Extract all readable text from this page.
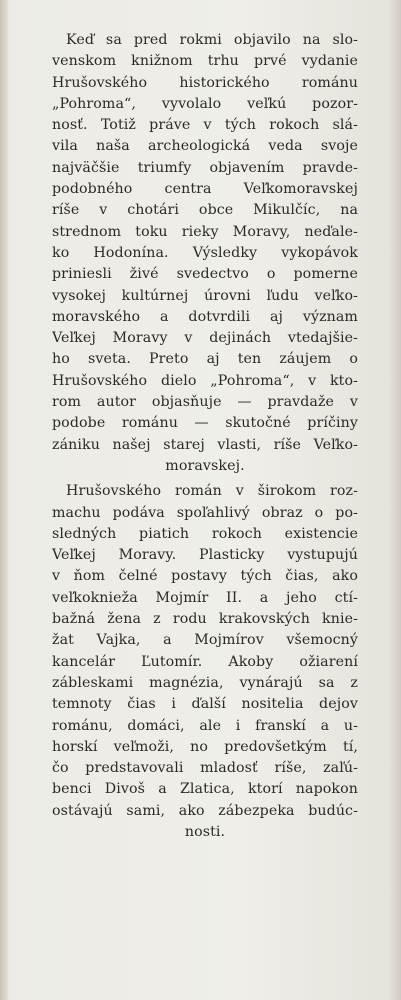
Keď sa pred rokmi objavilo na slo-
venskom knižnom trhu prvé vydanie
Hrušovského historického románu
„Pohroma“, vyvolalo veľkú pozor-
nosť. Totiž práve v tých rokoch slá-
vila naša archeologická veda svoje
najväčšie triumfy objavením pravde-
podobného centra Veľkomoravskej
ríše v chotári obce Mikulčíc, na
strednom toku rieky Moravy, neďale-
ko Hodonína. Výsledky vykopávok
priniesli živé svedectvo o pomerne
vysokej kultúrnej úrovni ľudu veľko-
moravského a dotvrdili aj význam
Veľkej Moravy v dejinách vtedajšie-
ho sveta. Preto aj ten záujem o
Hrušovského dielo „Pohroma“, v kto-
rom autor objasňuje — pravdaže v
podobe románu — skutočné príčiny
zániku našej starej vlasti, ríše Veľko-
moravskej.
Hrušovského román v širokom roz-
machu podáva spoľahlivý obraz o po-
sledných piatich rokoch existencie
Veľkej Moravy. Plasticky vystupujú
v ňom čelné postavy tých čias, ako
veľkokniežа Mojmír II. a jeho ctí-
bažná žena z rodu krakovských knie-
žat Vajka, a Mojmírov všemocný
kancelár Ľutomír. Akoby ožiarení
zábleskami magnézia, vynárajú sa z
temnoty čias i ďalší nositelia dejov
románu, domáci, ale i franskí a u-
horskí veľmoži, no predovšetkým tí,
čo predstavovali mladosť ríše, zaľú-
benci Divoš a Zlatica, ktorí napokon
ostávajú sami, ako zábezpeka budúc-
nosti.
